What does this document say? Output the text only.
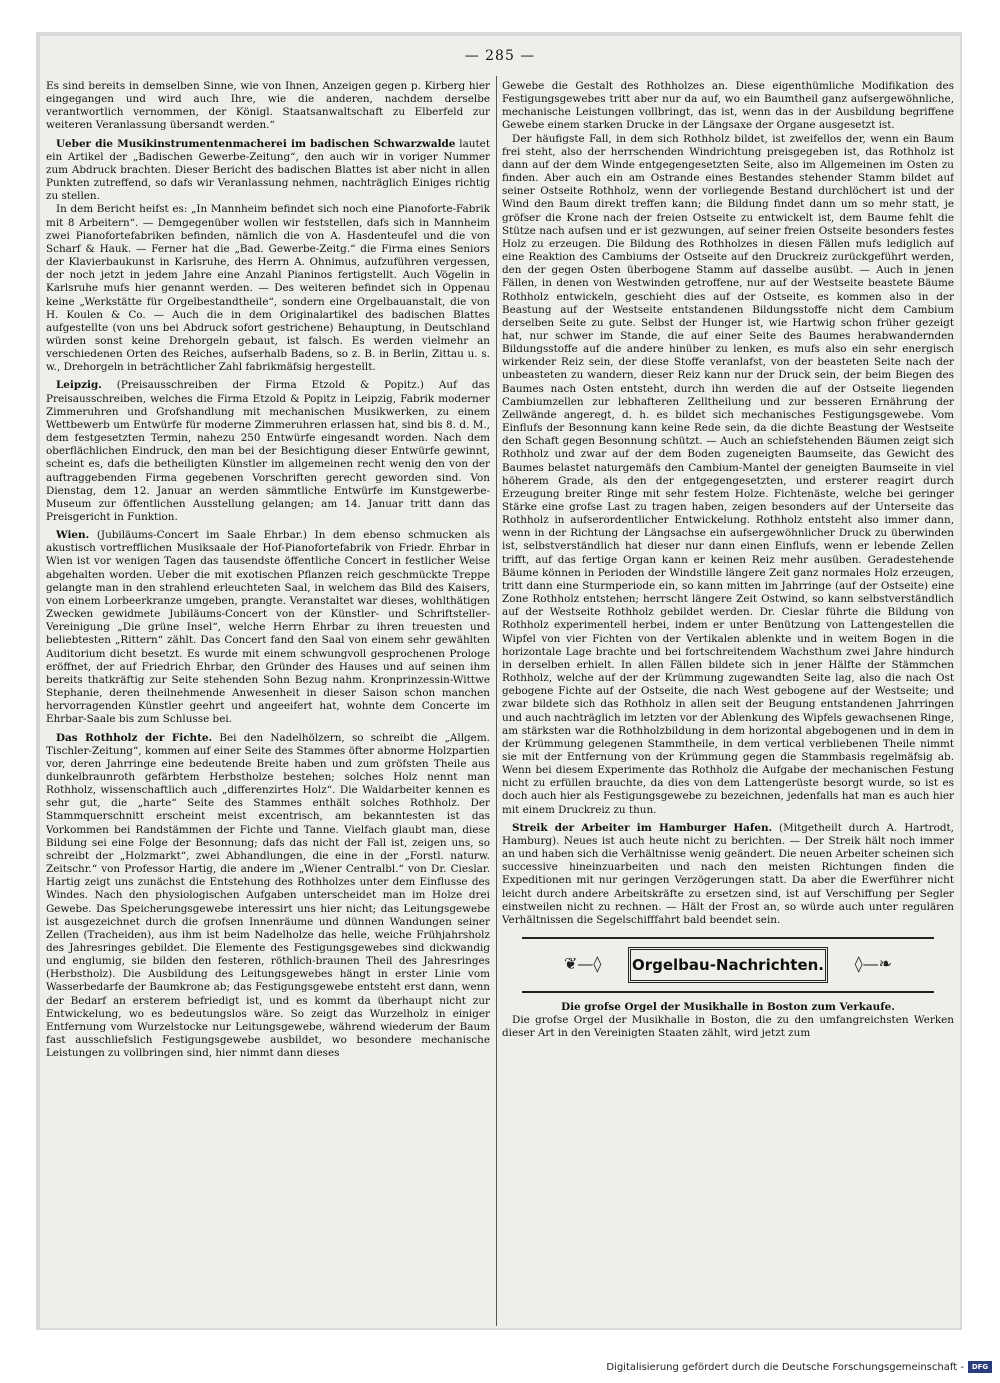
— 285 —

Es sind bereits in demselben Sinne, wie von Ihnen, Anzeigen gegen p. Kirberg hier eingegangen und wird auch Ihre, wie die anderen, nachdem derselbe verantwortlich vernommen, der Königl. Staatsanwaltschaft zu Elberfeld zur weiteren Veranlassung übersandt werden.“

Ueber die Musikinstrumentenmacherei im badischen Schwarzwalde lautet ein Artikel der „Badischen Gewerbe-Zeitung“, den auch wir in voriger Nummer zum Abdruck brachten. Dieser Bericht des badischen Blattes ist aber nicht in allen Punkten zutreffend, so dafs wir Veranlassung nehmen, nachträglich Einiges richtig zu stellen.

In dem Bericht heifst es: „In Mannheim befindet sich noch eine Pianoforte-Fabrik mit 8 Arbeitern“. — Demgegenüber wollen wir feststellen, dafs sich in Mannheim zwei Pianofortefabriken befinden, nämlich die von A. Hasdenteufel und die von Scharf & Hauk. — Ferner hat die „Bad. Gewerbe-Zeitg.“ die Firma eines Seniors der Klavierbaukunst in Karlsruhe, des Herrn A. Ohnimus, aufzuführen vergessen, der noch jetzt in jedem Jahre eine Anzahl Pianinos fertigstellt. Auch Vögelin in Karlsruhe mufs hier genannt werden. — Des weiteren befindet sich in Oppenau keine „Werkstätte für Orgelbestandtheile“, sondern eine Orgelbauanstalt, die von H. Koulen & Co. — Auch die in dem Originalartikel des badischen Blattes aufgestellte (von uns bei Abdruck sofort gestrichene) Behauptung, in Deutschland würden sonst keine Drehorgeln gebaut, ist falsch. Es werden vielmehr an verschiedenen Orten des Reiches, aufserhalb Badens, so z. B. in Berlin, Zittau u. s. w., Drehorgeln in beträchtlicher Zahl fabrikmäfsig hergestellt.

Leipzig. (Preisausschreiben der Firma Etzold & Popitz.) Auf das Preisausschreiben, welches die Firma Etzold & Popitz in Leipzig, Fabrik moderner Zimmeruhren und Grofshandlung mit mechanischen Musikwerken, zu einem Wettbewerb um Entwürfe für moderne Zimmeruhren erlassen hat, sind bis 8. d. M., dem festgesetzten Termin, nahezu 250 Entwürfe eingesandt worden. Nach dem oberflächlichen Eindruck, den man bei der Besichtigung dieser Entwürfe gewinnt, scheint es, dafs die betheiligten Künstler im allgemeinen recht wenig den von der auftraggebenden Firma gegebenen Vorschriften gerecht geworden sind. Von Dienstag, dem 12. Januar an werden sämmtliche Entwürfe im Kunstgewerbe-Museum zur öffentlichen Ausstellung gelangen; am 14. Januar tritt dann das Preisgericht in Funktion.

Wien. (Jubiläums-Concert im Saale Ehrbar.) In dem ebenso schmucken als akustisch vortrefflichen Musiksaale der Hof-Pianofortefabrik von Friedr. Ehrbar in Wien ist vor wenigen Tagen das tausendste öffentliche Concert in festlicher Weise abgehalten worden. Ueber die mit exotischen Pflanzen reich geschmückte Treppe gelangte man in den strahlend erleuchteten Saal, in welchem das Bild des Kaisers, von einem Lorbeerkranze umgeben, prangte. Veranstaltet war dieses, wohlthätigen Zwecken gewidmete Jubiläums-Concert von der Künstler- und Schriftsteller-Vereinigung „Die grüne Insel“, welche Herrn Ehrbar zu ihren treuesten und beliebtesten „Rittern“ zählt. Das Concert fand den Saal von einem sehr gewählten Auditorium dicht besetzt. Es wurde mit einem schwungvoll gesprochenen Prologe eröffnet, der auf Friedrich Ehrbar, den Gründer des Hauses und auf seinen ihm bereits thatkräftig zur Seite stehenden Sohn Bezug nahm. Kronprinzessin-Wittwe Stephanie, deren theilnehmende Anwesenheit in dieser Saison schon manchen hervorragenden Künstler geehrt und angeeifert hat, wohnte dem Concerte im Ehrbar-Saale bis zum Schlusse bei.

Das Rothholz der Fichte. Bei den Nadelhölzern, so schreibt die „Allgem. Tischler-Zeitung“, kommen auf einer Seite des Stammes öfter abnorme Holzpartien vor, deren Jahrringe eine bedeutende Breite haben und zum gröfsten Theile aus dunkelbraunroth gefärbtem Herbstholze bestehen; solches Holz nennt man Rothholz, wissenschaftlich auch „differenzirtes Holz“. Die Waldarbeiter kennen es sehr gut, die „harte“ Seite des Stammes enthält solches Rothholz. Der Stammquerschnitt erscheint meist excentrisch, am bekanntesten ist das Vorkommen bei Randstämmen der Fichte und Tanne. Vielfach glaubt man, diese Bildung sei eine Folge der Besonnung; dafs das nicht der Fall ist, zeigen uns, so schreibt der „Holzmarkt“, zwei Abhandlungen, die eine in der „Forstl. naturw. Zeitschr.“ von Professor Hartig, die andere im „Wiener Centralbl.“ von Dr. Cieslar. Hartig zeigt uns zunächst die Entstehung des Rothholzes unter dem Einflusse des Windes. Nach den physiologischen Aufgaben unterscheidet man im Holze drei Gewebe. Das Speicherungsgewebe interessirt uns hier nicht; das Leitungsgewebe ist ausgezeichnet durch die grofsen Innenräume und dünnen Wandungen seiner Zellen (Tracheiden), aus ihm ist beim Nadelholze das helle, weiche Frühjahrsholz des Jahresringes gebildet. Die Elemente des Festigungsgewebes sind dickwandig und englumig, sie bilden den festeren, röthlich-braunen Theil des Jahresringes (Herbstholz). Die Ausbildung des Leitungsgewebes hängt in erster Linie vom Wasserbedarfe der Baumkrone ab; das Festigungsgewebe entsteht erst dann, wenn der Bedarf an ersterem befriedigt ist, und es kommt da überhaupt nicht zur Entwickelung, wo es bedeutungslos wäre. So zeigt das Wurzelholz in einiger Entfernung vom Wurzelstocke nur Leitungsgewebe, während wiederum der Baum fast ausschliefslich Festigungsgewebe ausbildet, wo besondere mechanische Leistungen zu vollbringen sind, hier nimmt dann dieses

Gewebe die Gestalt des Rothholzes an. Diese eigenthümliche Modifikation des Festigungsgewebes tritt aber nur da auf, wo ein Baumtheil ganz aufsergewöhnliche, mechanische Leistungen vollbringt, das ist, wenn das in der Ausbildung begriffene Gewebe einem starken Drucke in der Längsaxe der Organe ausgesetzt ist.

Der häufigste Fall, in dem sich Rothholz bildet, ist zweifellos der, wenn ein Baum frei steht, also der herrschenden Windrichtung preisgegeben ist, das Rothholz ist dann auf der dem Winde entgegengesetzten Seite, also im Allgemeinen im Osten zu finden. Aber auch ein am Ostrande eines Bestandes stehender Stamm bildet auf seiner Ostseite Rothholz, wenn der vorliegende Bestand durchlöchert ist und der Wind den Baum direkt treffen kann; die Bildung findet dann um so mehr statt, je gröfser die Krone nach der freien Ostseite zu entwickelt ist, dem Baume fehlt die Stütze nach aufsen und er ist gezwungen, auf seiner freien Ostseite besonders festes Holz zu erzeugen. Die Bildung des Rothholzes in diesen Fällen mufs lediglich auf eine Reaktion des Cambiums der Ostseite auf den Druckreiz zurückgeführt werden, den der gegen Osten überbogene Stamm auf dasselbe ausübt. — Auch in jenen Fällen, in denen von Westwinden getroffene, nur auf der Westseite beastete Bäume Rothholz entwickeln, geschieht dies auf der Ostseite, es kommen also in der Beastung auf der Westseite entstandenen Bildungsstoffe nicht dem Cambium derselben Seite zu gute. Selbst der Hunger ist, wie Hartwig schon früher gezeigt hat, nur schwer im Stande, die auf einer Seite des Baumes herabwandernden Bildungsstoffe auf die andere hinüber zu lenken, es mufs also ein sehr energisch wirkender Reiz sein, der diese Stoffe veranlafst, von der beasteten Seite nach der unbeasteten zu wandern, dieser Reiz kann nur der Druck sein, der beim Biegen des Baumes nach Osten entsteht, durch ihn werden die auf der Ostseite liegenden Cambiumzellen zur lebhafteren Zelltheilung und zur besseren Ernährung der Zellwände angeregt, d. h. es bildet sich mechanisches Festigungsgewebe. Vom Einflufs der Besonnung kann keine Rede sein, da die dichte Beastung der Westseite den Schaft gegen Besonnung schützt. — Auch an schiefstehenden Bäumen zeigt sich Rothholz und zwar auf der dem Boden zugeneigten Baumseite, das Gewicht des Baumes belastet naturgemäfs den Cambium-Mantel der geneigten Baumseite in viel höherem Grade, als den der entgegengesetzten, und ersterer reagirt durch Erzeugung breiter Ringe mit sehr festem Holze. Fichtenäste, welche bei geringer Stärke eine grofse Last zu tragen haben, zeigen besonders auf der Unterseite das Rothholz in aufserordentlicher Entwickelung. Rothholz entsteht also immer dann, wenn in der Richtung der Längsachse ein aufsergewöhnlicher Druck zu überwinden ist, selbstverständlich hat dieser nur dann einen Einflufs, wenn er lebende Zellen trifft, auf das fertige Organ kann er keinen Reiz mehr ausüben. Geradestehende Bäume können in Perioden der Windstille längere Zeit ganz normales Holz erzeugen, tritt dann eine Sturmperiode ein, so kann mitten im Jahrringe (auf der Ostseite) eine Zone Rothholz entstehen; herrscht längere Zeit Ostwind, so kann selbstverständlich auf der Westseite Rothholz gebildet werden. Dr. Cieslar führte die Bildung von Rothholz experimentell herbei, indem er unter Benützung von Lattengestellen die Wipfel von vier Fichten von der Vertikalen ablenkte und in weitem Bogen in die horizontale Lage brachte und bei fortschreitendem Wachsthum zwei Jahre hindurch in derselben erhielt. In allen Fällen bildete sich in jener Hälfte der Stämmchen Rothholz, welche auf der der Krümmung zugewandten Seite lag, also die nach Ost gebogene Fichte auf der Ostseite, die nach West gebogene auf der Westseite; und zwar bildete sich das Rothholz in allen seit der Beugung entstandenen Jahrringen und auch nachträglich im letzten vor der Ablenkung des Wipfels gewachsenen Ringe, am stärksten war die Rothholzbildung in dem horizontal abgebogenen und in dem in der Krümmung gelegenen Stammtheile, in dem vertical verbliebenen Theile nimmt sie mit der Entfernung von der Krümmung gegen die Stammbasis regelmäfsig ab. Wenn bei diesem Experimente das Rothholz die Aufgabe der mechanischen Festung nicht zu erfüllen brauchte, da dies von dem Lattengerüste besorgt wurde, so ist es doch auch hier als Festigungsgewebe zu bezeichnen, jedenfalls hat man es auch hier mit einem Druckreiz zu thun.

Streik der Arbeiter im Hamburger Hafen. (Mitgetheilt durch A. Hartrodt, Hamburg). Neues ist auch heute nicht zu berichten. — Der Streik hält noch immer an und haben sich die Verhältnisse wenig geändert. Die neuen Arbeiter scheinen sich successive hineinzuarbeiten und nach den meisten Richtungen finden die Expeditionen mit nur geringen Verzögerungen statt. Da aber die Ewerführer nicht leicht durch andere Arbeitskräfte zu ersetzen sind, ist auf Verschiffung per Segler einstweilen nicht zu rechnen. — Hält der Frost an, so würde auch unter regulären Verhältnissen die Segelschifffahrt bald beendet sein.

❦—◊ Orgelbau-Nachrichten. ◊—❧

Die grofse Orgel der Musikhalle in Boston zum Verkaufe.

Die grofse Orgel der Musikhalle in Boston, die zu den umfangreichsten Werken dieser Art in den Vereinigten Staaten zählt, wird jetzt zum

Digitalisierung gefördert durch die Deutsche Forschungsgemeinschaft - DFG
